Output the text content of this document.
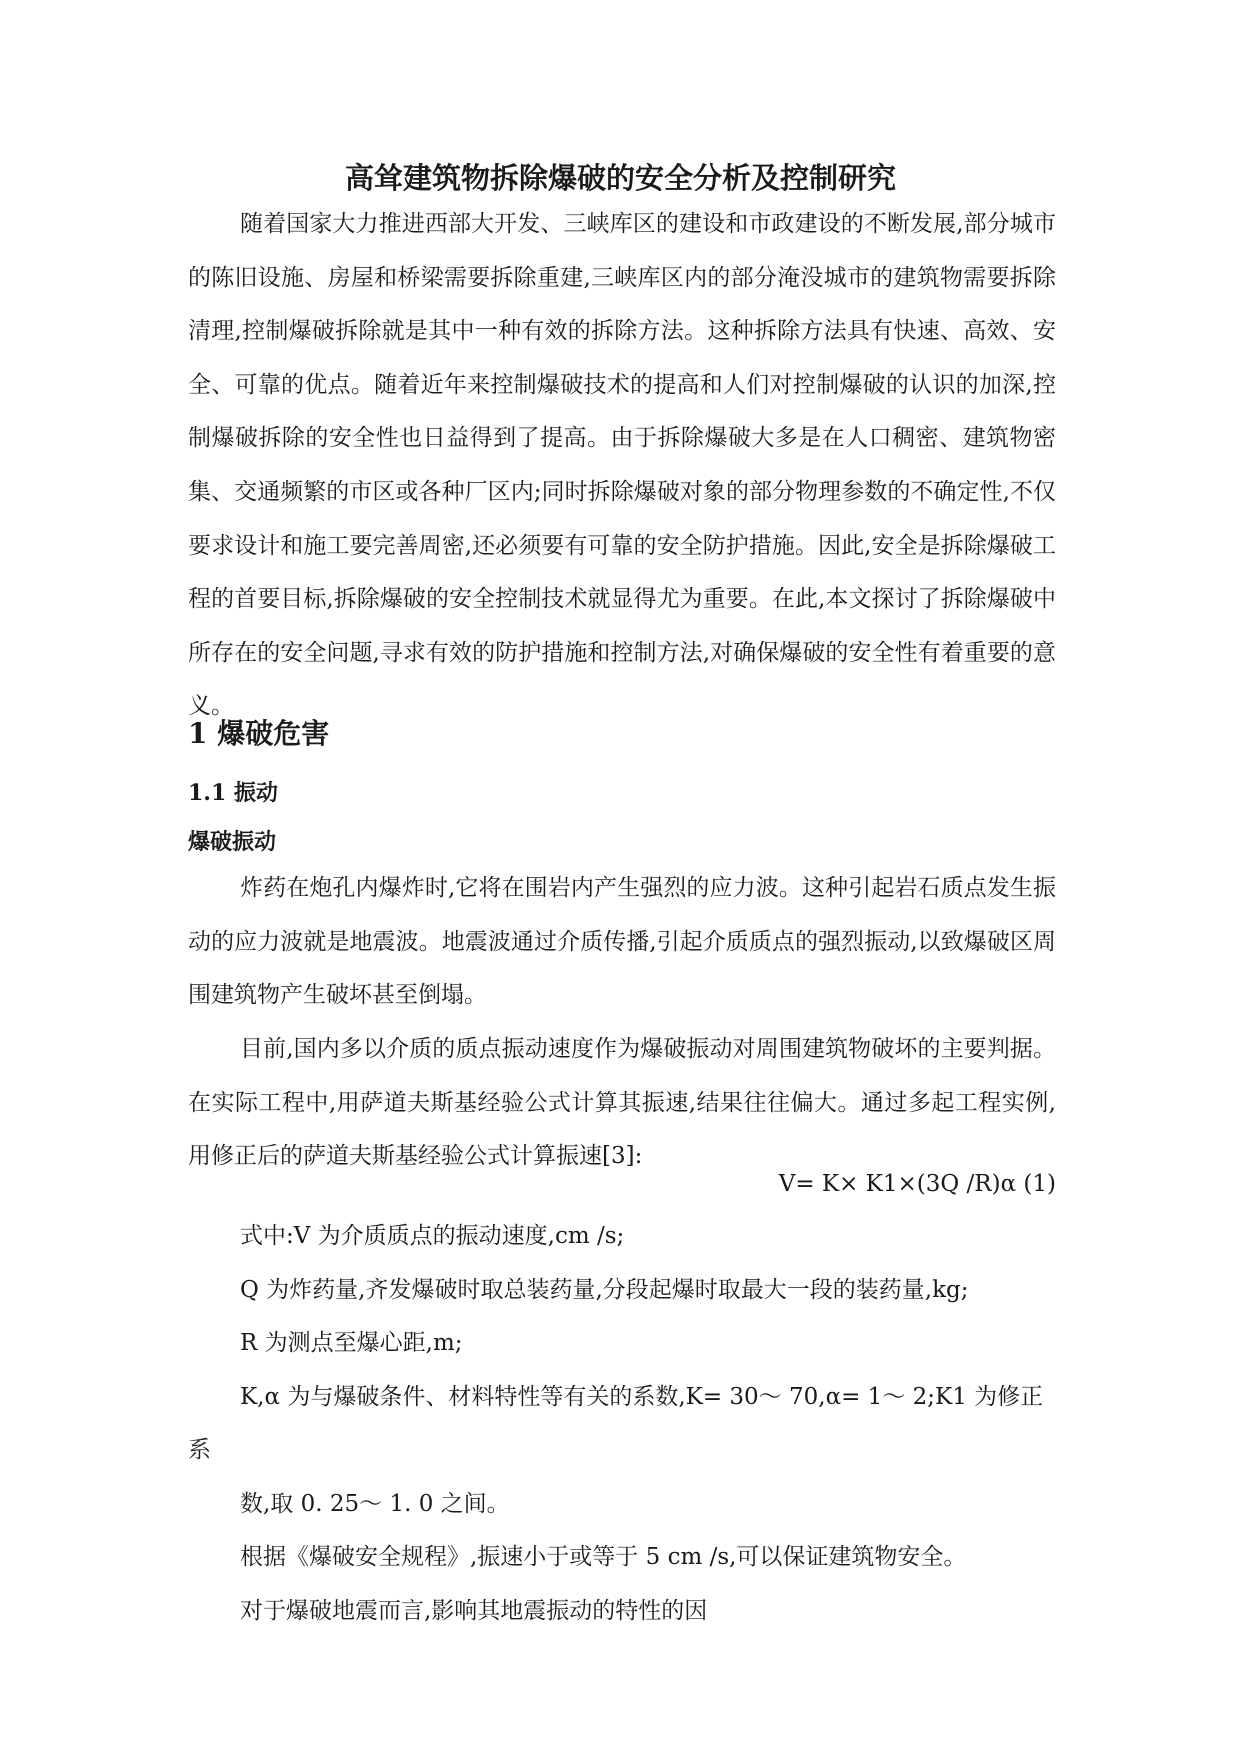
高耸建筑物拆除爆破的安全分析及控制研究

随着国家大力推进西部大开发、三峡库区的建设和市政建设的不断发展,部分城市的陈旧设施、房屋和桥梁需要拆除重建,三峡库区内的部分淹没城市的建筑物需要拆除清理,控制爆破拆除就是其中一种有效的拆除方法。这种拆除方法具有快速、高效、安全、可靠的优点。随着近年来控制爆破技术的提高和人们对控制爆破的认识的加深,控制爆破拆除的安全性也日益得到了提高。由于拆除爆破大多是在人口稠密、建筑物密集、交通频繁的市区或各种厂区内;同时拆除爆破对象的部分物理参数的不确定性,不仅要求设计和施工要完善周密,还必须要有可靠的安全防护措施。因此,安全是拆除爆破工程的首要目标,拆除爆破的安全控制技术就显得尤为重要。在此,本文探讨了拆除爆破中所存在的安全问题,寻求有效的防护措施和控制方法,对确保爆破的安全性有着重要的意义。

1 爆破危害
1.1 振动
爆破振动

炸药在炮孔内爆炸时,它将在围岩内产生强烈的应力波。这种引起岩石质点发生振动的应力波就是地震波。地震波通过介质传播,引起介质质点的强烈振动,以致爆破区周围建筑物产生破坏甚至倒塌。

目前,国内多以介质的质点振动速度作为爆破振动对周围建筑物破坏的主要判据。在实际工程中,用萨道夫斯基经验公式计算其振速,结果往往偏大。通过多起工程实例,用修正后的萨道夫斯基经验公式计算振速[3]:

V= K× K1×(3Q /R)α (1)
式中:V 为介质质点的振动速度,cm /s;
Q 为炸药量,齐发爆破时取总装药量,分段起爆时取最大一段的装药量,kg;
R 为测点至爆心距,m;
K,α 为与爆破条件、材料特性等有关的系数,K= 30～ 70,α= 1～ 2;K1 为修正
系
数,取 0. 25～ 1. 0 之间。
根据《爆破安全规程》,振速小于或等于 5 cm /s,可以保证建筑物安全。
对于爆破地震而言,影响其地震振动的特性的因
